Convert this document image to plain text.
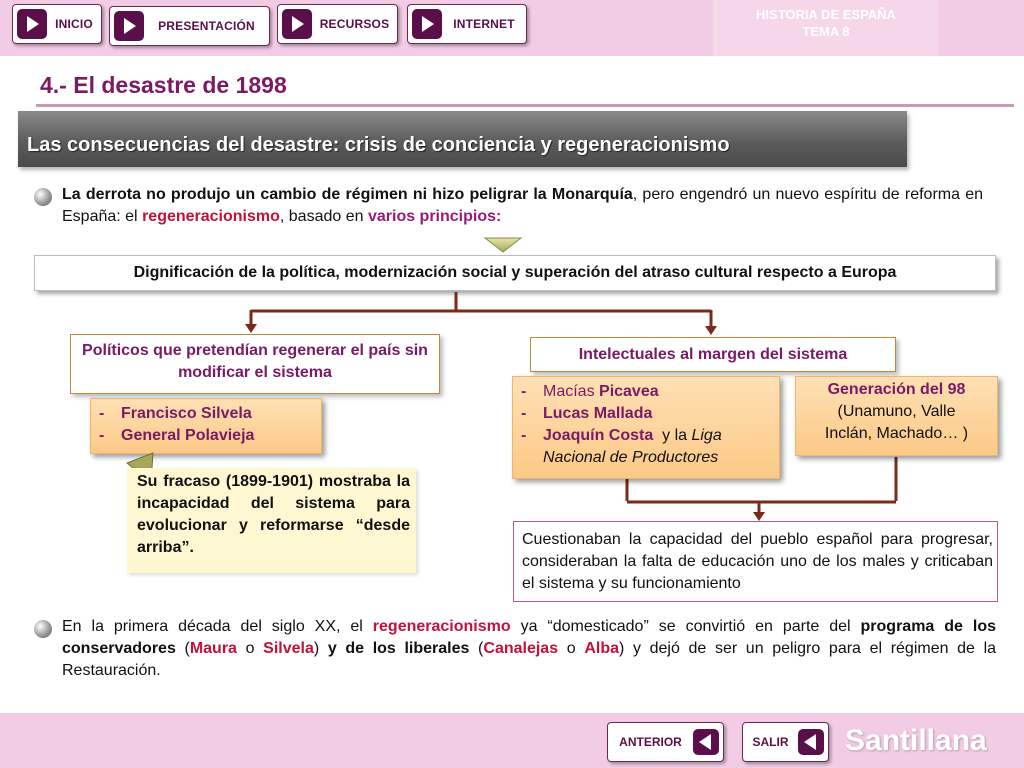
INICIO	PRESENTACIÓN	RECURSOS	INTERNET
HISTORIA DE ESPAÑA
TEMA 8
4.- El desastre de 1898
Las consecuencias del desastre: crisis de conciencia y regeneracionismo
La derrota no produjo un cambio de régimen ni hizo peligrar la Monarquía, pero engendró un nuevo espíritu de reforma en España: el regeneracionismo, basado en varios principios:
Dignificación de la política, modernización social y superación del atraso cultural respecto a Europa
Políticos que pretendían regenerar el país sin modificar el sistema
- Francisco Silvela
- General Polavieja
Su fracaso (1899-1901) mostraba la incapacidad del sistema para evolucionar y reformarse “desde arriba”.
Intelectuales al margen del sistema
- Macías Picavea
- Lucas Mallada
- Joaquín Costa  y la Liga
Nacional de Productores
Generación del 98
(Unamuno, Valle
Inclán, Machado… )
Cuestionaban la capacidad del pueblo español para progresar, consideraban la falta de educación uno de los males y criticaban el sistema y su funcionamiento
En la primera década del siglo XX, el regeneracionismo ya “domesticado” se convirtió en parte del programa de los conservadores (Maura o Silvela) y de los liberales (Canalejas o Alba) y dejó de ser un peligro para el régimen de la Restauración.
ANTERIOR	SALIR	Santillana
